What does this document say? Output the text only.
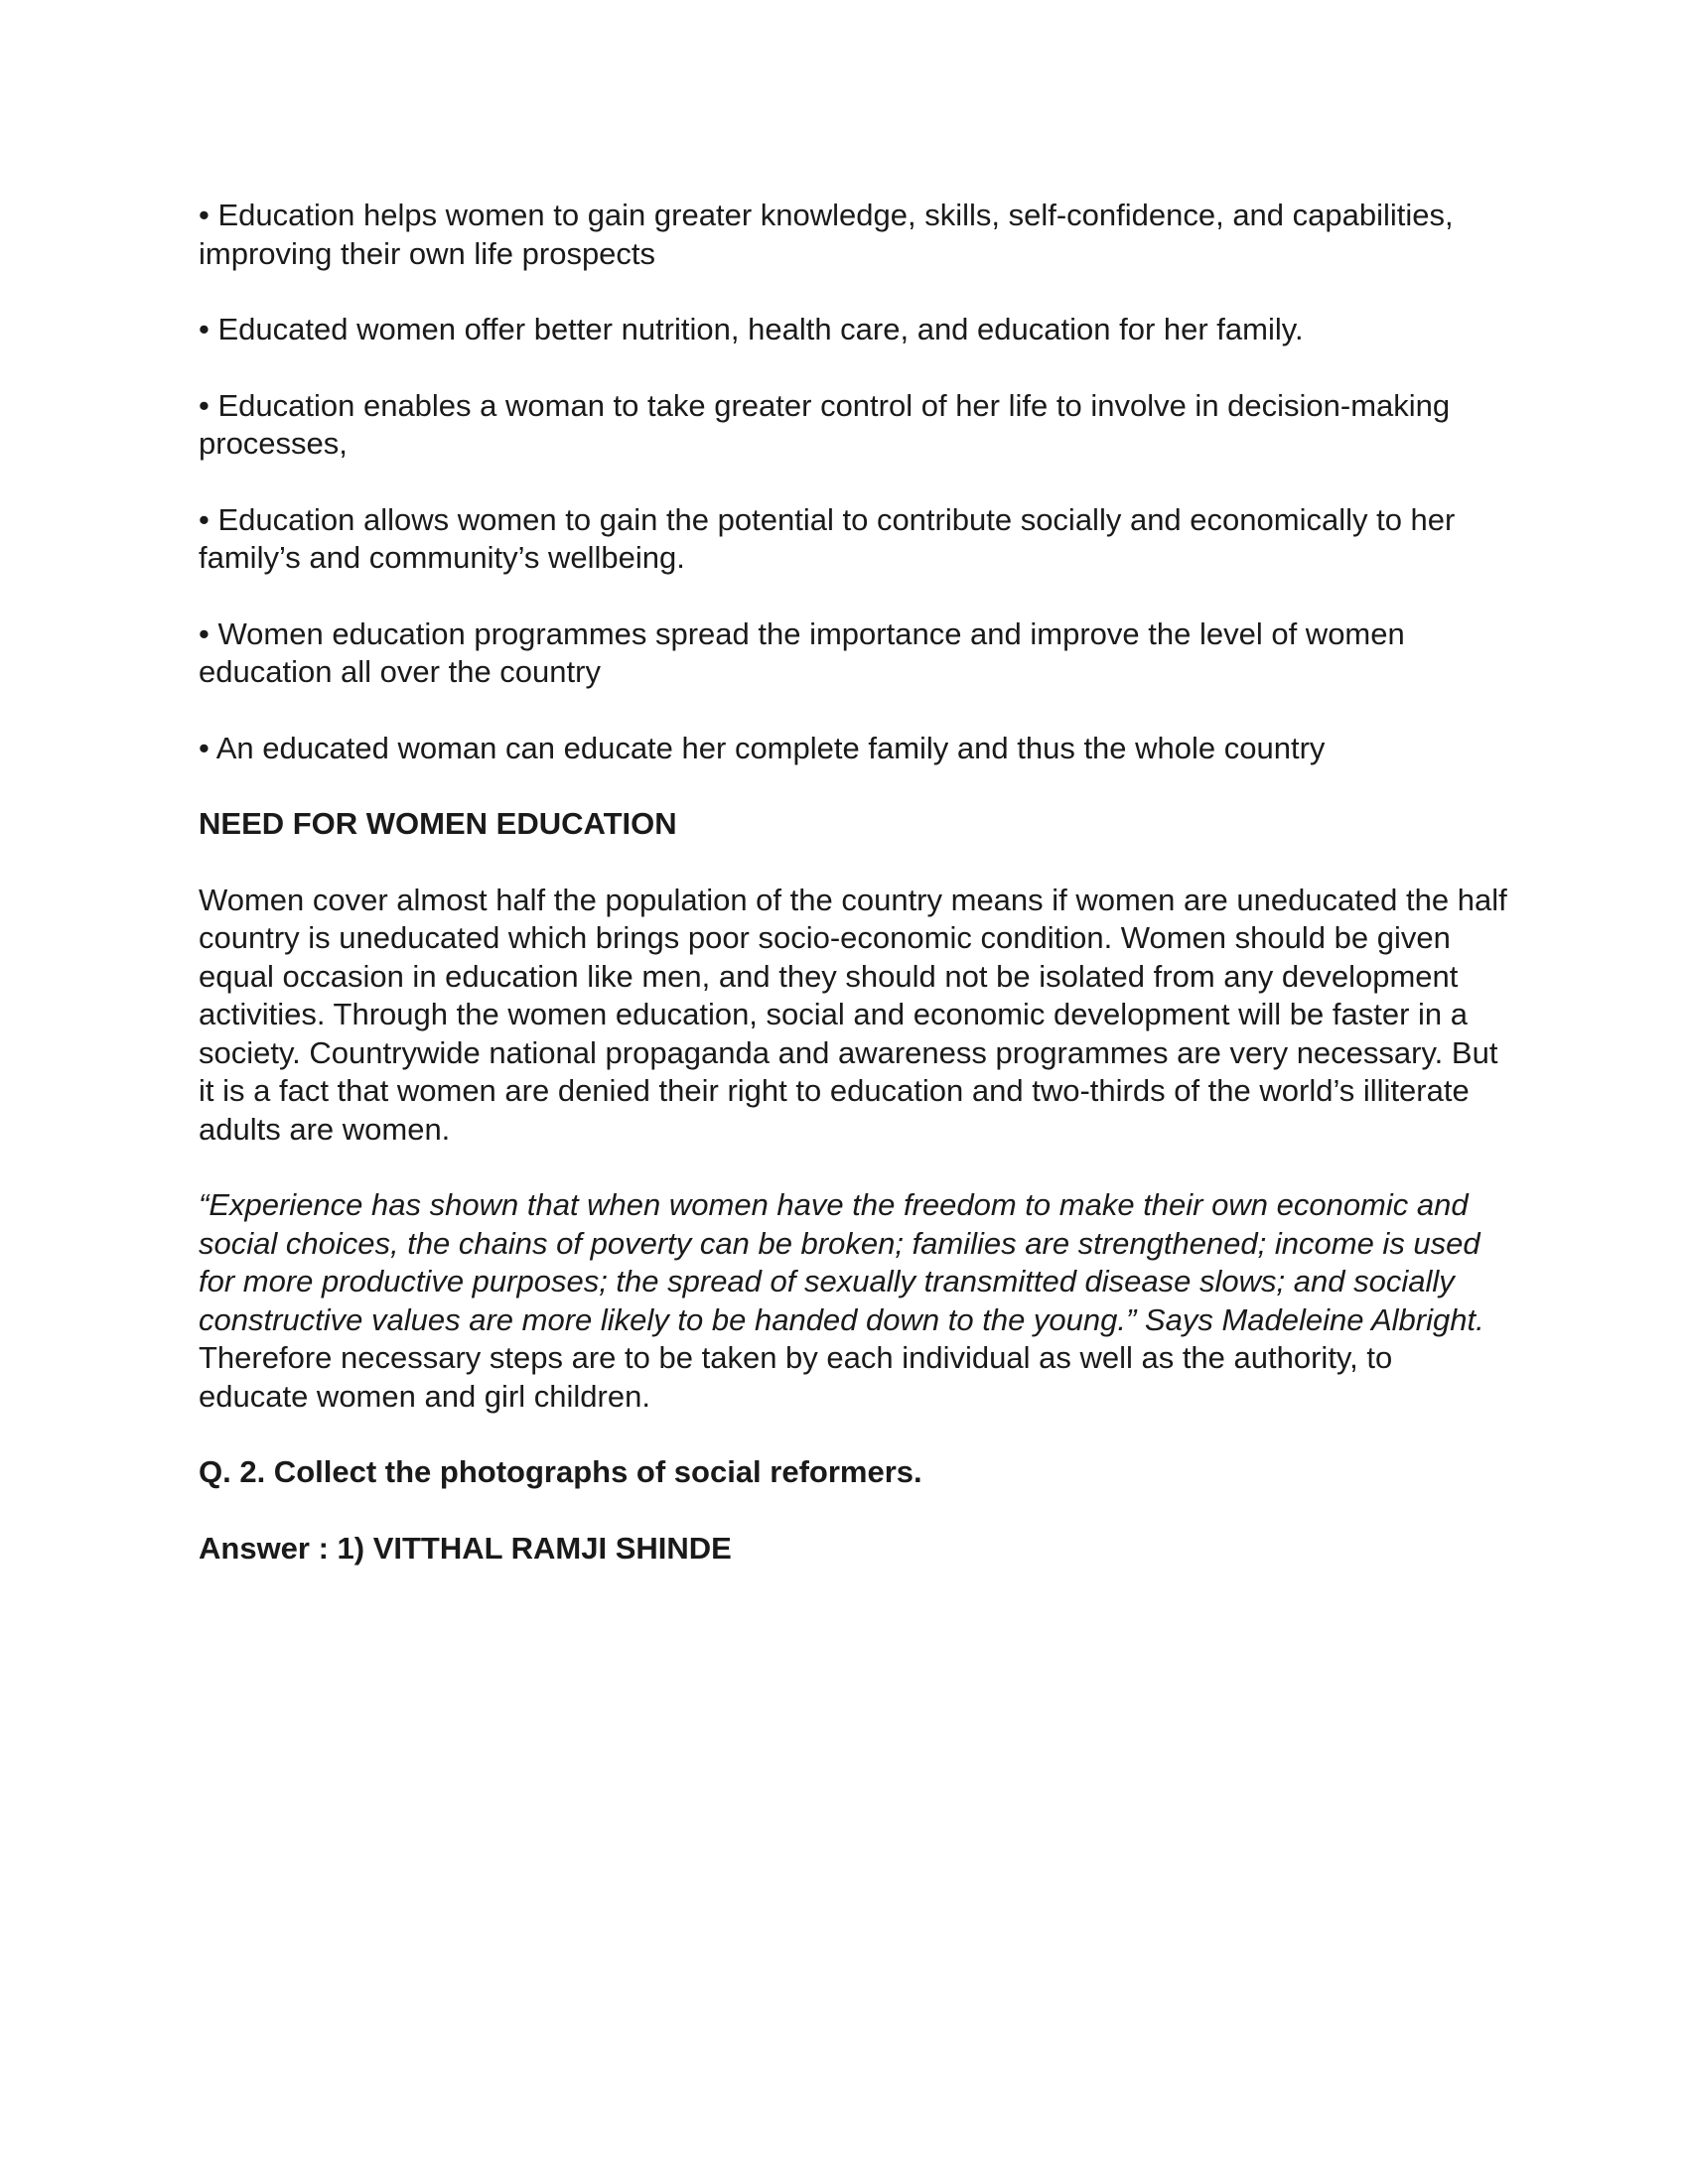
• Education helps women to gain greater knowledge, skills, self-confidence, and capabilities, improving their own life prospects

• Educated women offer better nutrition, health care, and education for her family.

• Education enables a woman to take greater control of her life to involve in decision-making processes,

• Education allows women to gain the potential to contribute socially and economically to her family’s and community’s wellbeing.

• Women education programmes spread the importance and improve the level of women education all over the country

• An educated woman can educate her complete family and thus the whole country

NEED FOR WOMEN EDUCATION

Women cover almost half the population of the country means if women are uneducated the half country is uneducated which brings poor socio-economic condition. Women should be given equal occasion in education like men, and they should not be isolated from any development activities. Through the women education, social and economic development will be faster in a society. Countrywide national propaganda and awareness programmes are very necessary. But it is a fact that women are denied their right to education and two-thirds of the world’s illiterate adults are women.

“Experience has shown that when women have the freedom to make their own economic and social choices, the chains of poverty can be broken; families are strengthened; income is used for more productive purposes; the spread of sexually transmitted disease slows; and socially constructive values are more likely to be handed down to the young.” Says Madeleine Albright. Therefore necessary steps are to be taken by each individual as well as the authority, to educate women and girl children.

Q. 2. Collect the photographs of social reformers.

Answer : 1) VITTHAL RAMJI SHINDE
